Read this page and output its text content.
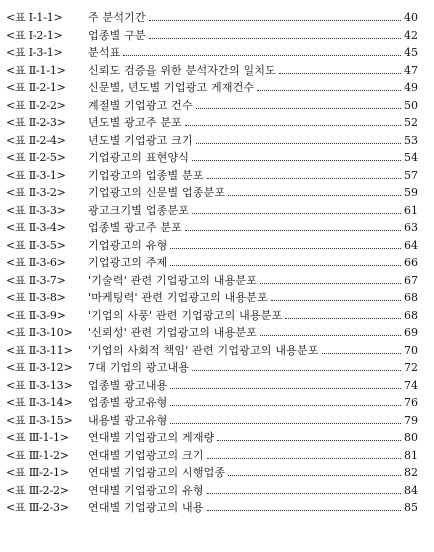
<표 Ⅰ-1-1>	주 분석기간	40
<표 Ⅰ-2-1>	업종별 구분	42
<표 Ⅰ-3-1>	분석표	45
<표 Ⅱ-1-1>	신뢰도 검증을 위한 분석자간의 일치도	47
<표 Ⅱ-2-1>	신문별, 년도별 기업광고 게재건수	49
<표 Ⅱ-2-2>	계절별 기업광고 건수	50
<표 Ⅱ-2-3>	년도별 광고주 분포	52
<표 Ⅱ-2-4>	년도별 기업광고 크기	53
<표 Ⅱ-2-5>	기업광고의 표현양식	54
<표 Ⅱ-3-1>	기업광고의 업종별 분포	57
<표 Ⅱ-3-2>	기업광고의 신문별 업종분포	59
<표 Ⅱ-3-3>	광고크기별 업종분포	61
<표 Ⅱ-3-4>	업종별 광고주 분포	63
<표 Ⅱ-3-5>	기업광고의 유형	64
<표 Ⅱ-3-6>	기업광고의 주제	66
<표 Ⅱ-3-7>	'기술력' 관련 기업광고의 내용분포	67
<표 Ⅱ-3-8>	'마케팅력' 관련 기업광고의 내용분포	68
<표 Ⅱ-3-9>	'기업의 사풍' 관련 기업광고의 내용분포	68
<표 Ⅱ-3-10>	'신뢰성' 관련 기업광고의 내용분포	69
<표 Ⅱ-3-11>	'기업의 사회적 책임' 관련 기업광고의 내용분포	70
<표 Ⅱ-3-12>	7대 기업의 광고내용	72
<표 Ⅱ-3-13>	업종별 광고내용	74
<표 Ⅱ-3-14>	업종별 광고유형	76
<표 Ⅱ-3-15>	내용별 광고유형	79
<표 Ⅲ-1-1>	연대별 기업광고의 게재량	80
<표 Ⅲ-1-2>	연대별 기업광고의 크기	81
<표 Ⅲ-2-1>	연대별 기업광고의 시행업종	82
<표 Ⅲ-2-2>	연대별 기업광고의 유형	84
<표 Ⅲ-2-3>	연대별 기업광고의 내용	85
